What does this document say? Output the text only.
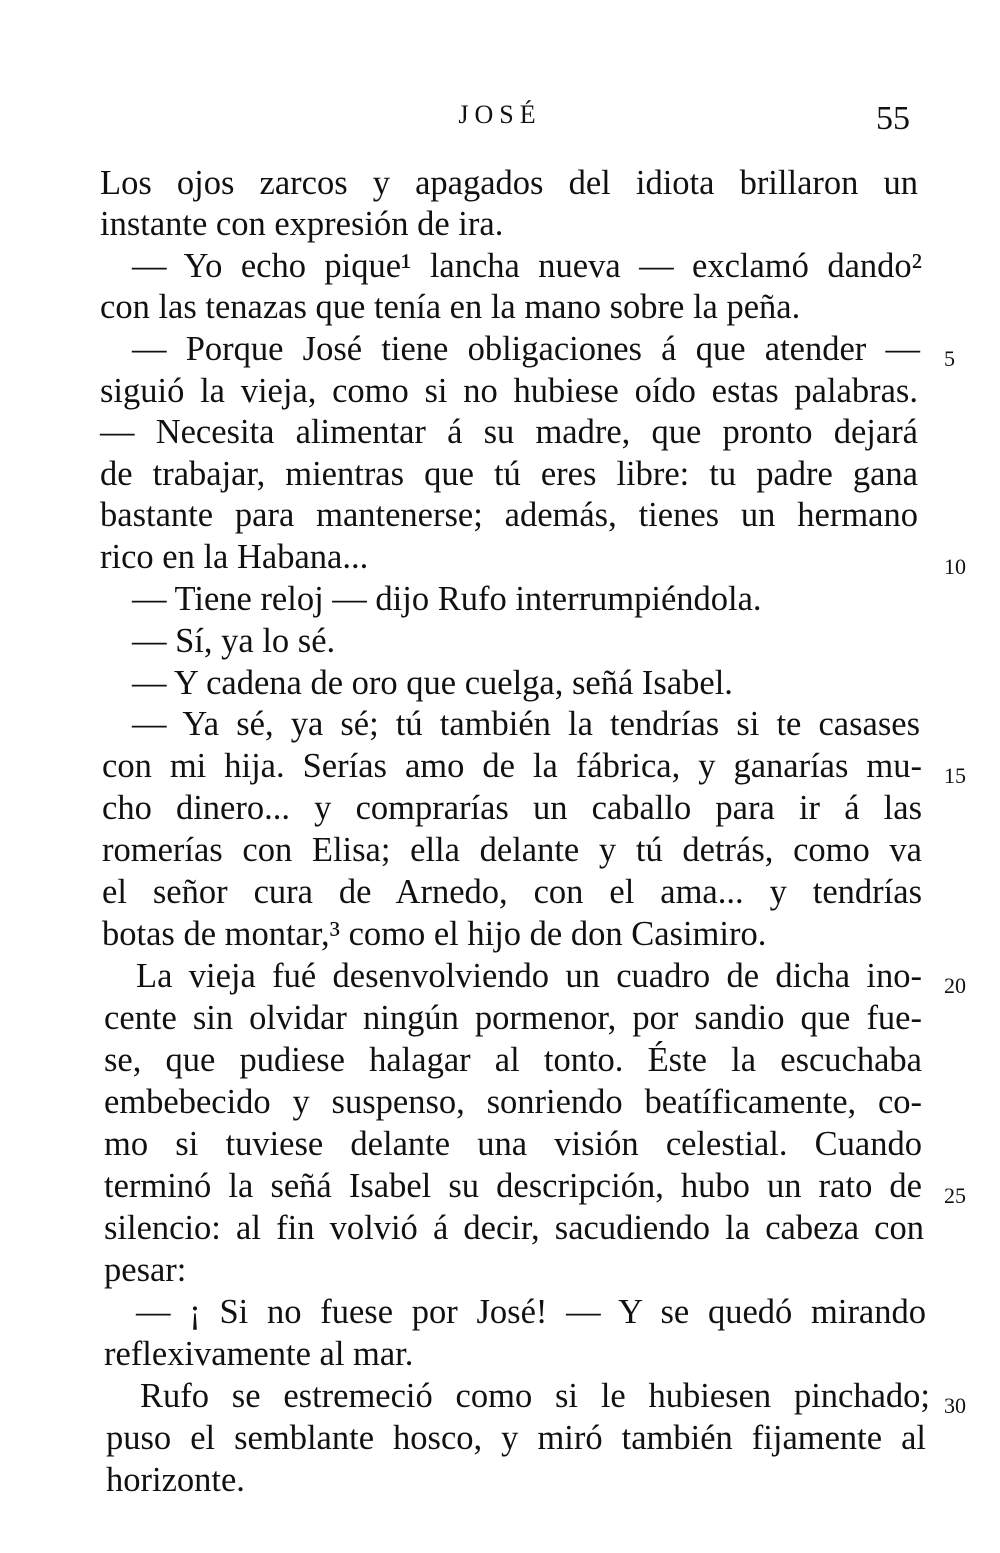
JOSÉ	55
Los ojos zarcos y apagados del idiota brillaron un
instante con expresión de ira.
— Yo echo pique¹ lancha nueva — exclamó dando²
con las tenazas que tenía en la mano sobre la peña.
— Porque José tiene obligaciones á que atender —
siguió la vieja, como si no hubiese oído estas palabras.
— Necesita alimentar á su madre, que pronto dejará
de trabajar, mientras que tú eres libre: tu padre gana
bastante para mantenerse; además, tienes un hermano
rico en la Habana...
— Tiene reloj — dijo Rufo interrumpiéndola.
— Sí, ya lo sé.
— Y cadena de oro que cuelga, señá Isabel.
— Ya sé, ya sé; tú también la tendrías si te casases
con mi hija. Serías amo de la fábrica, y ganarías mu-
cho dinero... y comprarías un caballo para ir á las
romerías con Elisa; ella delante y tú detrás, como va
el señor cura de Arnedo, con el ama... y tendrías
botas de montar,³ como el hijo de don Casimiro.
La vieja fué desenvolviendo un cuadro de dicha ino-
cente sin olvidar ningún pormenor, por sandio que fue-
se, que pudiese halagar al tonto. Éste la escuchaba
embebecido y suspenso, sonriendo beatíficamente, co-
mo si tuviese delante una visión celestial. Cuando
terminó la señá Isabel su descripción, hubo un rato de
silencio: al fin volvió á decir, sacudiendo la cabeza con
pesar:
— ¡ Si no fuese por José! — Y se quedó mirando
reflexivamente al mar.
Rufo se estremeció como si le hubiesen pinchado;
puso el semblante hosco, y miró también fijamente al
horizonte.
5
10
15
20
25
30
